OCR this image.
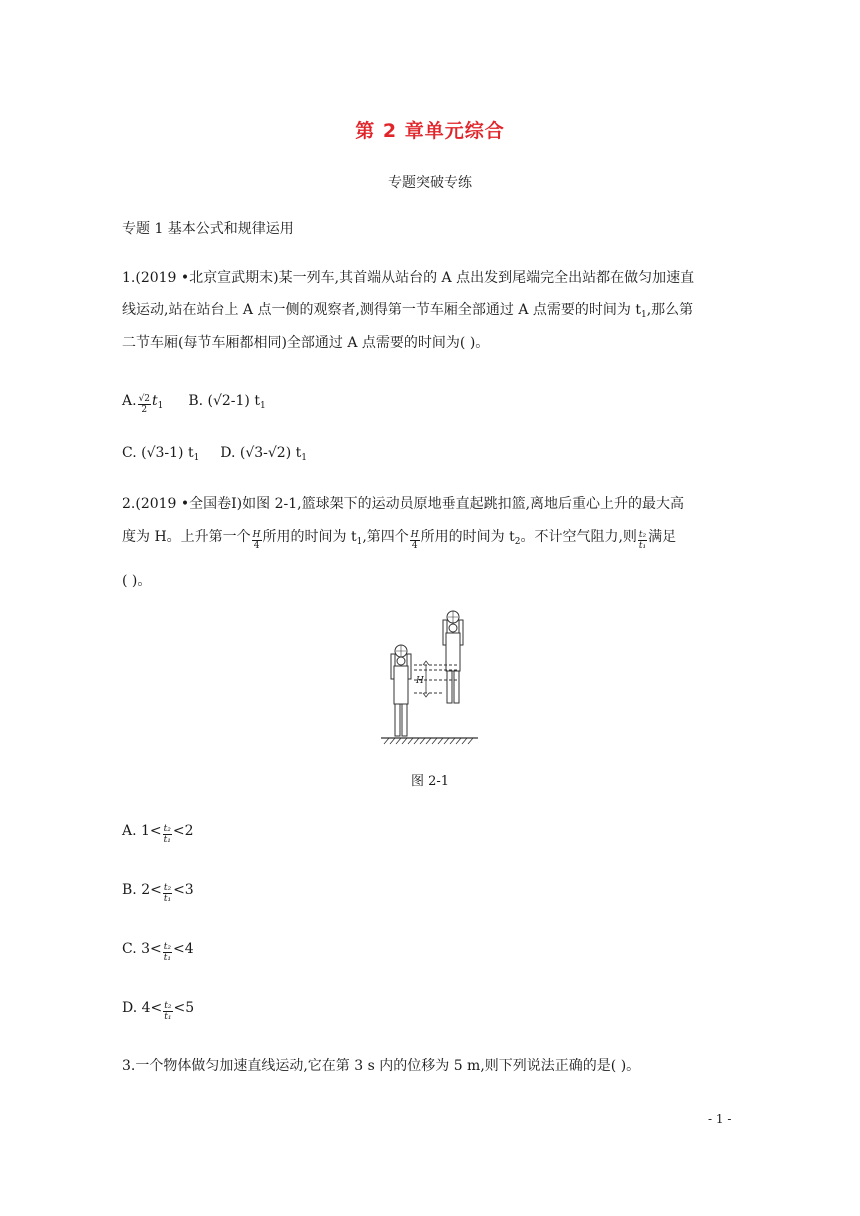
第 2 章单元综合
专题突破专练
专题 1 基本公式和规律运用
1.(2019 •北京宣武期末)某一列车,其首端从站台的 A 点出发到尾端完全出站都在做匀加速直
线运动,站在站台上 A 点一侧的观察者,测得第一节车厢全部通过 A 点需要的时间为 $t_1$,那么第
二节车厢(每节车厢都相同)全部通过 A 点需要的时间为( )。
A. $\frac{√2}{2} t_1$ B. (√2-1) $t_1$
C. (√3-1) $t_1$ D. (√3-√2) $t_1$
2.(2019 •全国卷Ⅰ)如图 2-1,篮球架下的运动员原地垂直起跳扣篮,离地后重心上升的最大高
度为 H。上升第一个 $\frac{H}{4}$ 所用的时间为 $t_1$,第四个 $\frac{H}{4}$ 所用的时间为 $t_2$。不计空气阻力,则 $\frac{\text{t₂}}{\text{t₁}}$ 满足
( )。
H
图 2-1
A. $1< \frac{\text{t₂}}{\text{t₁}} <2$
B. $2< \frac{\text{t₂}}{\text{t₁}} <3$
C. $3< \frac{\text{t₂}}{\text{t₁}} <4$
D. $4< \frac{\text{t₂}}{\text{t₁}} <5$
3.一个物体做匀加速直线运动,它在第 3 s 内的位移为 5 m,则下列说法正确的是( )。
- 1 -
